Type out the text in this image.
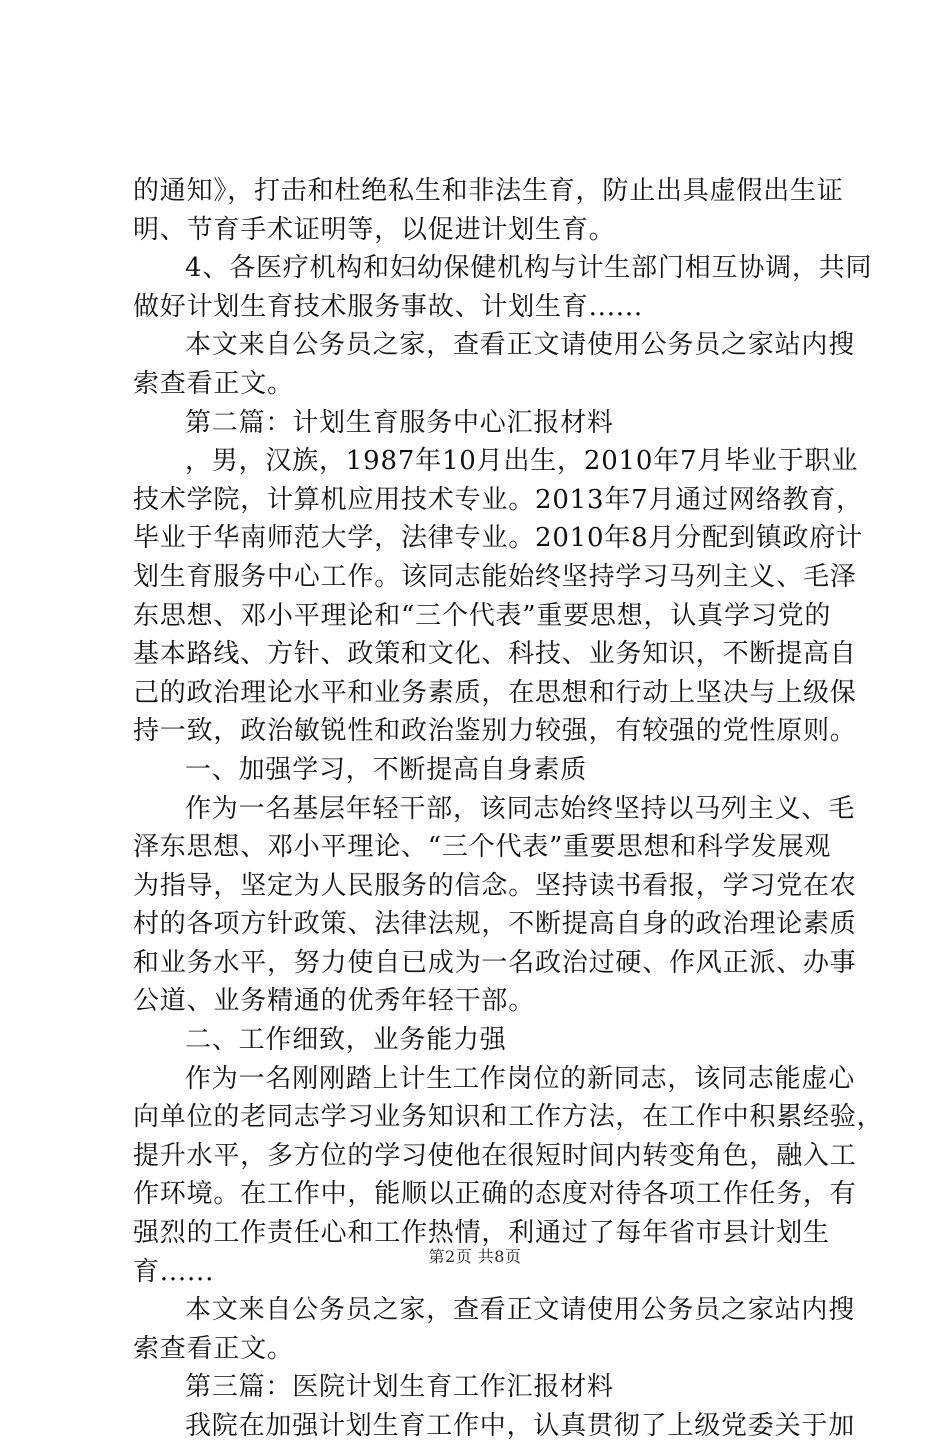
的通知》，打击和杜绝私生和非法生育，防止出具虚假出生证
明、节育手术证明等，以促进计划生育。
4、各医疗机构和妇幼保健机构与计生部门相互协调，共同
做好计划生育技术服务事故、计划生育......
本文来自公务员之家，查看正文请使用公务员之家站内搜
索查看正文。
第二篇：计划生育服务中心汇报材料
，男，汉族，1987年10月出生，2010年7月毕业于职业
技术学院，计算机应用技术专业。2013年7月通过网络教育，
毕业于华南师范大学，法律专业。2010年8月分配到镇政府计
划生育服务中心工作。该同志能始终坚持学习马列主义、毛泽
东思想、邓小平理论和“三个代表”重要思想，认真学习党的
基本路线、方针、政策和文化、科技、业务知识，不断提高自
己的政治理论水平和业务素质，在思想和行动上坚决与上级保
持一致，政治敏锐性和政治鉴别力较强，有较强的党性原则。
一、加强学习，不断提高自身素质
作为一名基层年轻干部，该同志始终坚持以马列主义、毛
泽东思想、邓小平理论、“三个代表”重要思想和科学发展观
为指导，坚定为人民服务的信念。坚持读书看报，学习党在农
村的各项方针政策、法律法规，不断提高自身的政治理论素质
和业务水平，努力使自已成为一名政治过硬、作风正派、办事
公道、业务精通的优秀年轻干部。
二、工作细致，业务能力强
作为一名刚刚踏上计生工作岗位的新同志，该同志能虚心
向单位的老同志学习业务知识和工作方法，在工作中积累经验，
提升水平，多方位的学习使他在很短时间内转变角色，融入工
作环境。在工作中，能顺以正确的态度对待各项工作任务，有
强烈的工作责任心和工作热情，利通过了每年省市县计划生
育......
本文来自公务员之家，查看正文请使用公务员之家站内搜
索查看正文。
第三篇：医院计划生育工作汇报材料
我院在加强计划生育工作中，认真贯彻了上级党委关于加
第2页 共8页
